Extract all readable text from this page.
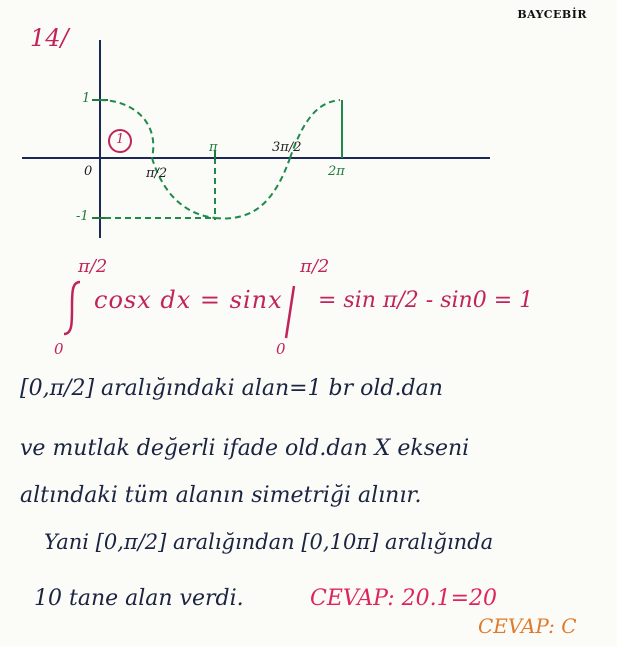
BAYCEBİR
14/
1
-1
0	π/2
π	3π/2
2π
1
π/2
0
cosx dx = sinx
π/2
0
= sin π/2 - sin0 = 1
[0,π/2] aralığındaki alan=1 br old.dan
ve mutlak değerli ifade old.dan X ekseni
altındaki tüm alanın simetriği alınır.
Yani [0,π/2] aralığından [0,10π] aralığında
10 tane alan verdi.	CEVAP: 20.1=20
CEVAP: C
